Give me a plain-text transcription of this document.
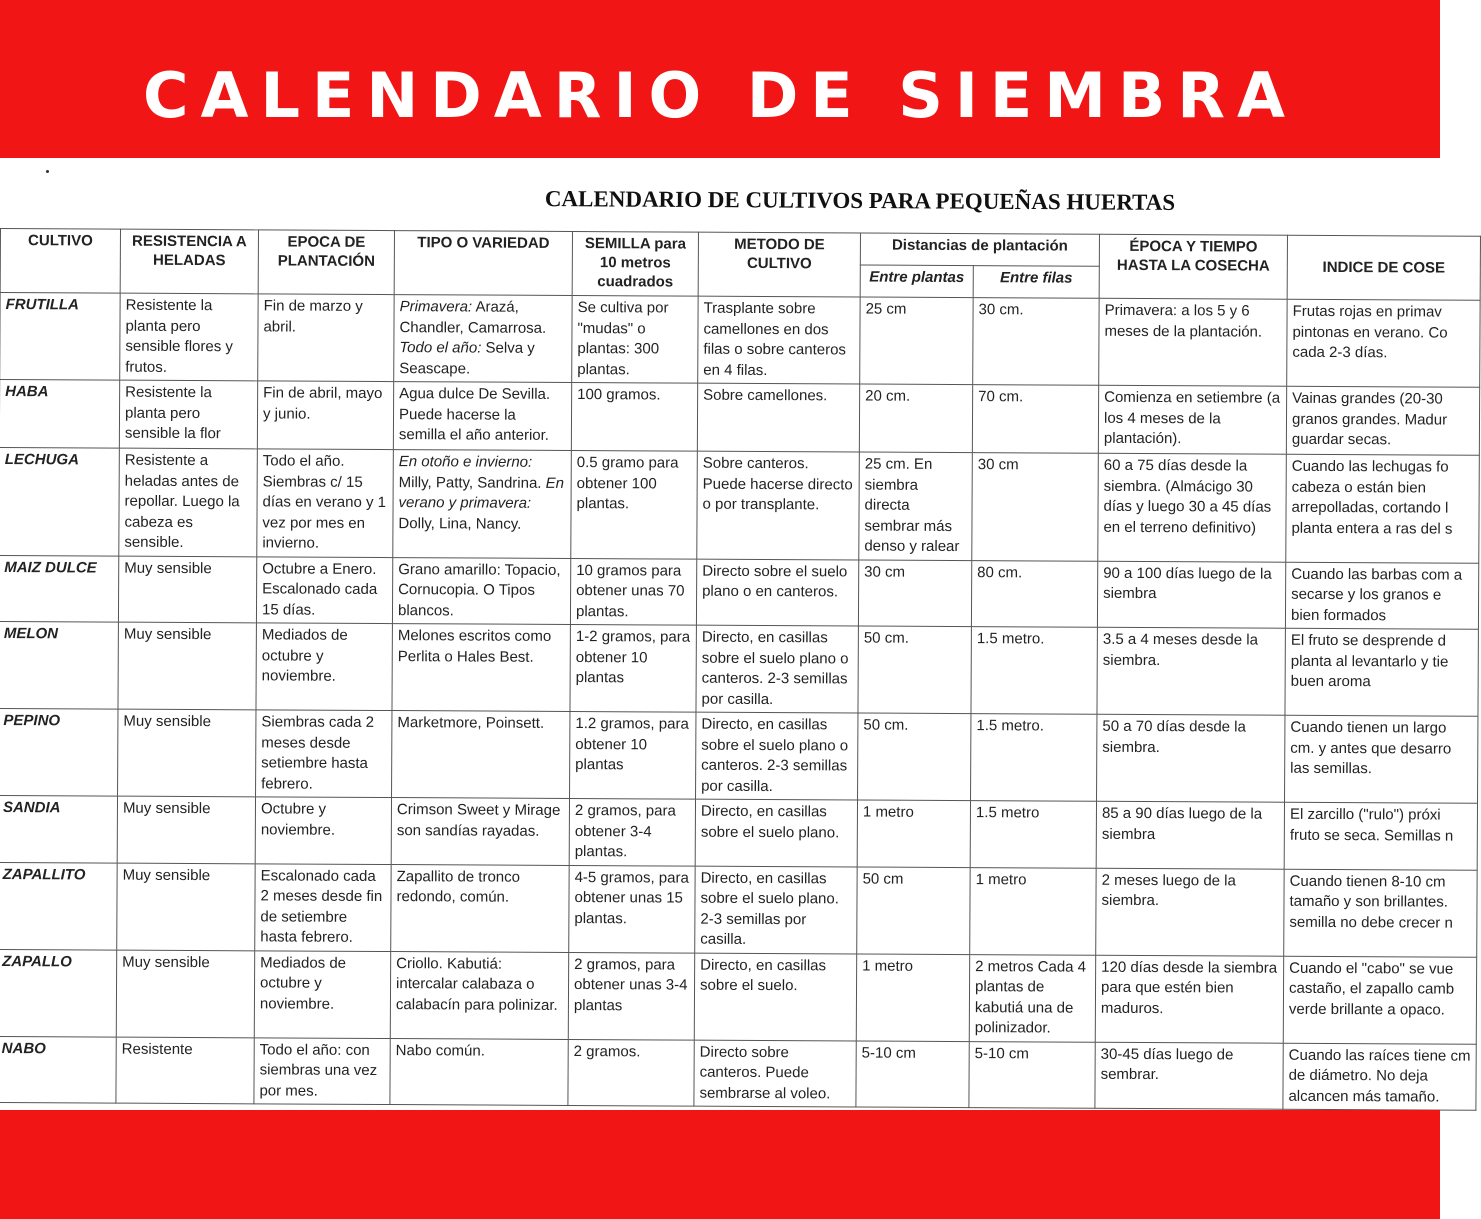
CALENDARIO DE SIEMBRA
CALENDARIO DE CULTIVOS PARA PEQUEÑAS HUERTAS
CULTIVO	RESISTENCIA A HELADAS	EPOCA DE PLANTACIÓN	TIPO O VARIEDAD	SEMILLA para 10 metros cuadrados	METODO DE CULTIVO	Distancias de plantación		ÉPOCA Y TIEMPO HASTA LA COSECHA	INDICE DE COSE
						Entre plantas	Entre filas		
FRUTILLA	Resistente la planta pero sensible flores y frutos.	Fin de marzo y abril.	Primavera: Arazá, Chandler, Camarrosa. Todo el año: Selva y Seascape.	Se cultiva por "mudas" o plantas: 300 plantas.	Trasplante sobre camellones en dos filas o sobre canteros en 4 filas.	25 cm	30 cm.	Primavera: a los 5 y 6 meses de la plantación.	Frutas rojas en primav pintonas en verano. Co cada 2-3 días.
HABA	Resistente la planta pero sensible la flor	Fin de abril, mayo y junio.	Agua dulce De Sevilla. Puede hacerse la semilla el año anterior.	100 gramos.	Sobre camellones.	20 cm.	70 cm.	Comienza en setiembre (a los 4 meses de la plantación).	Vainas grandes (20-30 granos grandes. Madur guardar secas.
LECHUGA	Resistente a heladas antes de repollar. Luego la cabeza es sensible.	Todo el año. Siembras c/ 15 días en verano y 1 vez por mes en invierno.	En otoño e invierno: Milly, Patty, Sandrina. En verano y primavera: Dolly, Lina, Nancy.	0.5 gramo para obtener 100 plantas.	Sobre canteros. Puede hacerse directo o por transplante.	25 cm. En siembra directa sembrar más denso y ralear	30 cm	60 a 75 días desde la siembra. (Almácigo 30 días y luego 30 a 45 días en el terreno definitivo)	Cuando las lechugas fo cabeza o están bien arrepolladas, cortando l planta entera a ras del s
MAIZ DULCE	Muy sensible	Octubre a Enero. Escalonado cada 15 días.	Grano amarillo: Topacio, Cornucopia. O Tipos blancos.	10 gramos para obtener unas 70 plantas.	Directo sobre el suelo plano o en canteros.	30 cm	80 cm.	90 a 100 días luego de la siembra	Cuando las barbas com a secarse y los granos e bien formados
MELON	Muy sensible	Mediados de octubre y noviembre.	Melones escritos como Perlita o Hales Best.	1-2 gramos, para obtener 10 plantas	Directo, en casillas sobre el suelo plano o canteros. 2-3 semillas por casilla.	50 cm.	1.5 metro.	3.5 a 4 meses desde la siembra.	El fruto se desprende d planta al levantarlo y tie buen aroma
PEPINO	Muy sensible	Siembras cada 2 meses desde setiembre hasta febrero.	Marketmore, Poinsett.	1.2 gramos, para obtener 10 plantas	Directo, en casillas sobre el suelo plano o canteros. 2-3 semillas por casilla.	50 cm.	1.5 metro.	50 a 70 días desde la siembra.	Cuando tienen un largo cm. y antes que desarro las semillas.
SANDIA	Muy sensible	Octubre y noviembre.	Crimson Sweet y Mirage son sandías rayadas.	2 gramos, para obtener 3-4 plantas.	Directo, en casillas sobre el suelo plano.	1 metro	1.5 metro	85 a 90 días luego de la siembra	El zarcillo ("rulo") próxi fruto se seca. Semillas n
ZAPALLITO	Muy sensible	Escalonado cada 2 meses desde fin de setiembre hasta febrero.	Zapallito de tronco redondo, común.	4-5 gramos, para obtener unas 15 plantas.	Directo, en casillas sobre el suelo plano. 2-3 semillas por casilla.	50 cm	1 metro	2 meses luego de la siembra.	Cuando tienen 8-10 cm tamaño y son brillantes. semilla no debe crecer n
ZAPALLO	Muy sensible	Mediados de octubre y noviembre.	Criollo. Kabutiá: intercalar calabaza o calabacín para polinizar.	2 gramos, para obtener unas 3-4 plantas	Directo, en casillas sobre el suelo.	1 metro	2 metros Cada 4 plantas de kabutiá una de polinizador.	120 días desde la siembra para que estén bien maduros.	Cuando el "cabo" se vue castaño, el zapallo camb verde brillante a opaco.
NABO	Resistente	Todo el año: con siembras una vez por mes.	Nabo común.	2 gramos.	Directo sobre canteros. Puede sembrarse al voleo.	5-10 cm	5-10 cm	30-45 días luego de sembrar.	Cuando las raíces tiene cm de diámetro. No deja alcancen más tamaño.
